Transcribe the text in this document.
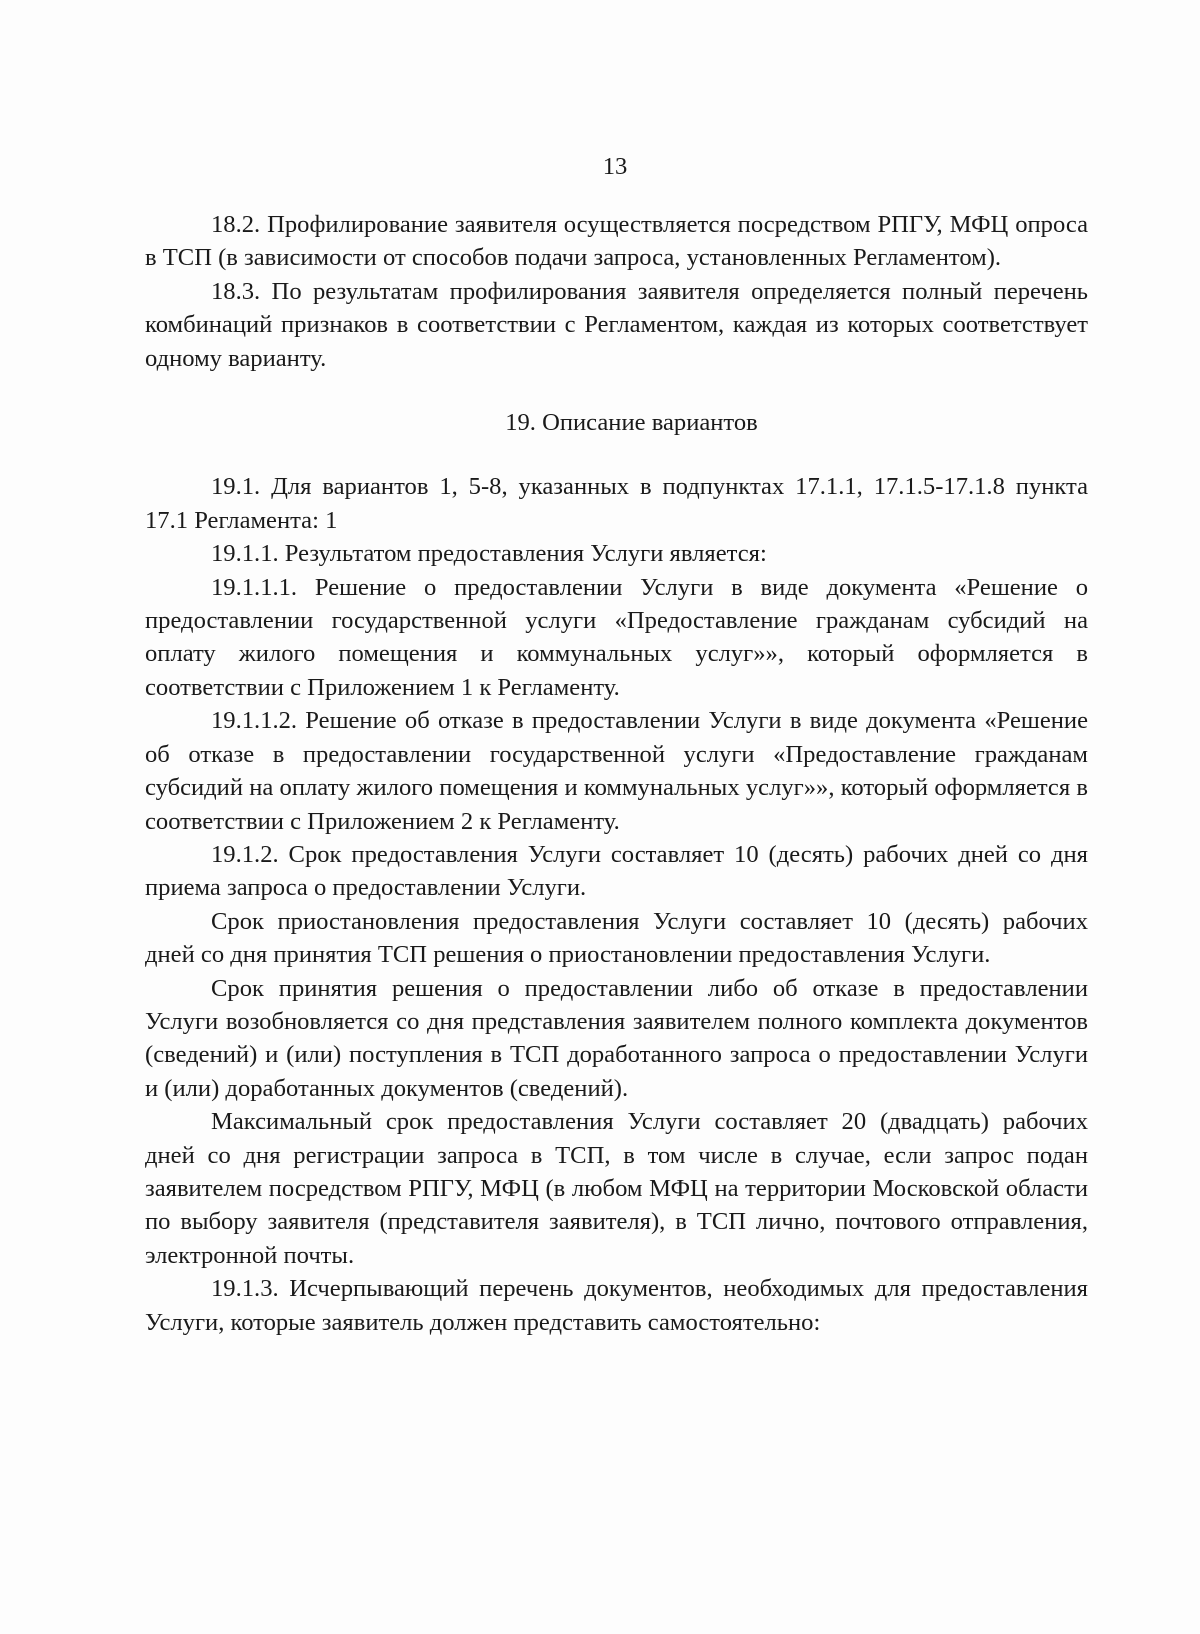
13

18.2. Профилирование заявителя осуществляется посредством РПГУ, МФЦ опроса в ТСП (в зависимости от способов подачи запроса, установленных Регламентом).

18.3. По результатам профилирования заявителя определяется полный перечень комбинаций признаков в соответствии с Регламентом, каждая из которых соответствует одному варианту.

19. Описание вариантов

19.1. Для вариантов 1, 5-8, указанных в подпунктах 17.1.1, 17.1.5-17.1.8 пункта 17.1 Регламента: 1

19.1.1. Результатом предоставления Услуги является:

19.1.1.1. Решение о предоставлении Услуги в виде документа «Решение о предоставлении государственной услуги «Предоставление гражданам субсидий на оплату жилого помещения и коммунальных услуг»», который оформляется в соответствии с Приложением 1 к Регламенту.

19.1.1.2. Решение об отказе в предоставлении Услуги в виде документа «Решение об отказе в предоставлении государственной услуги «Предоставление гражданам субсидий на оплату жилого помещения и коммунальных услуг»», который оформляется в соответствии с Приложением 2 к Регламенту.

19.1.2. Срок предоставления Услуги составляет 10 (десять) рабочих дней со дня приема запроса о предоставлении Услуги.

Срок приостановления предоставления Услуги составляет 10 (десять) рабочих дней со дня принятия ТСП решения о приостановлении предоставления Услуги.

Срок принятия решения о предоставлении либо об отказе в предоставлении Услуги возобновляется со дня представления заявителем полного комплекта документов (сведений) и (или) поступления в ТСП доработанного запроса о предоставлении Услуги и (или) доработанных документов (сведений).

Максимальный срок предоставления Услуги составляет 20 (двадцать) рабочих дней со дня регистрации запроса в ТСП, в том числе в случае, если запрос подан заявителем посредством РПГУ, МФЦ (в любом МФЦ на территории Московской области по выбору заявителя (представителя заявителя), в ТСП лично, почтового отправления, электронной почты.

19.1.3. Исчерпывающий перечень документов, необходимых для предоставления Услуги, которые заявитель должен представить самостоятельно:
